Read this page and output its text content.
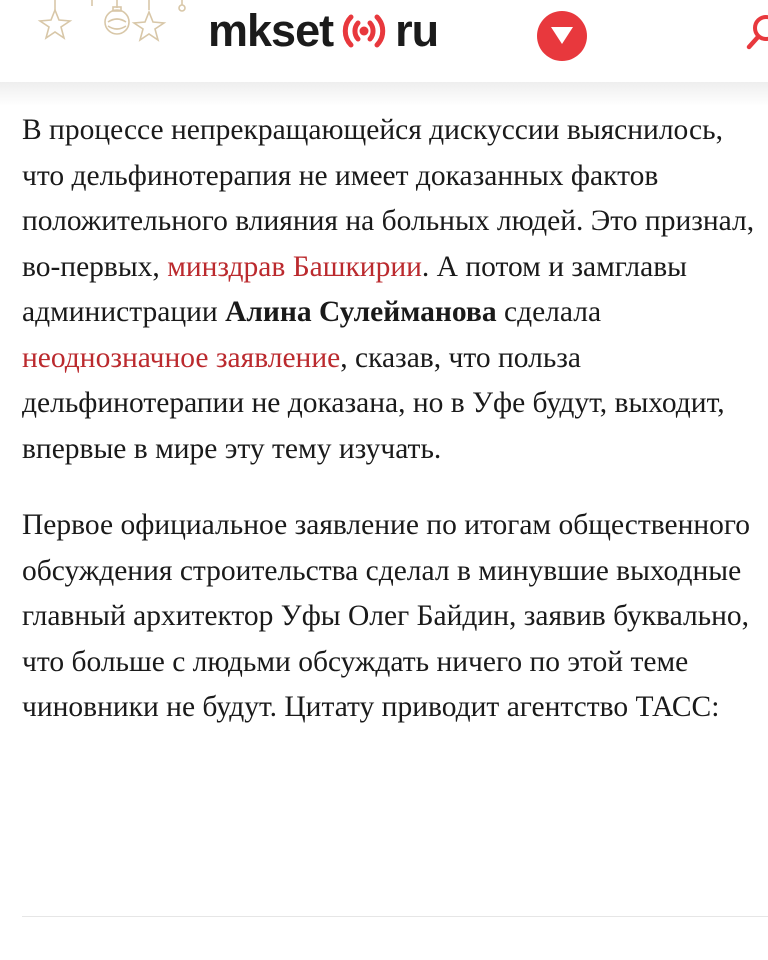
mkset ru

В процессе непрекращающейся дискуссии выяснилось, что дельфинотерапия не имеет доказанных фактов положительного влияния на больных людей. Это признал, во-первых, минздрав Башкирии. А потом и замглавы администрации Алина Сулейманова сделала неоднозначное заявление, сказав, что польза дельфинотерапии не доказана, но в Уфе будут, выходит, впервые в мире эту тему изучать.

Первое официальное заявление по итогам общественного обсуждения строительства сделал в минувшие выходные главный архитектор Уфы Олег Байдин, заявив буквально, что больше с людьми обсуждать ничего по этой теме чиновники не будут. Цитату приводит агентство ТАСС:
